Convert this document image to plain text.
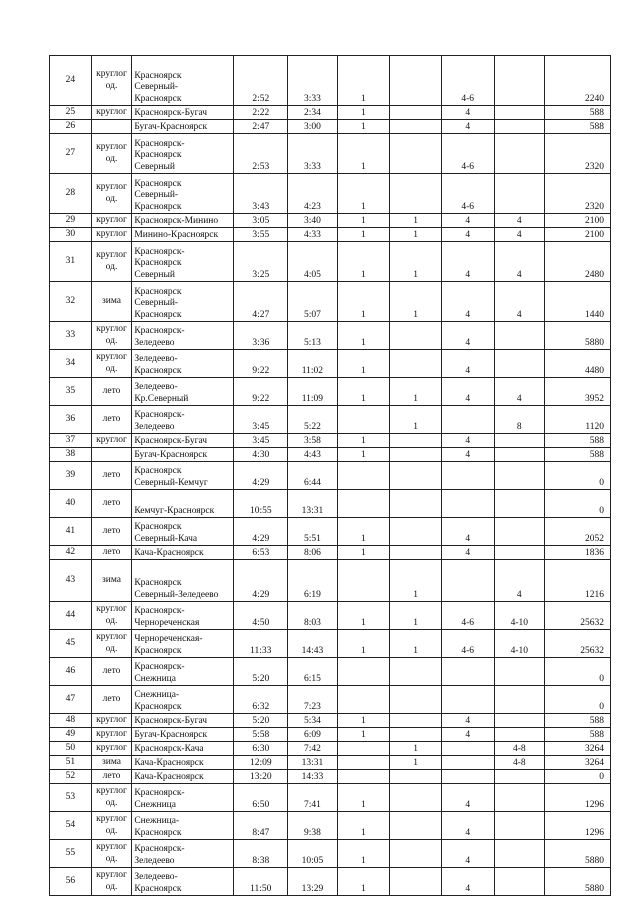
24	круглог од.	Красноярск
Северный-
Красноярск	2:52	3:33	1		4-6		2240
25	круглог	Красноярск-Бугач	2:22	2:34	1		4		588
26		Бугач-Красноярск	2:47	3:00	1		4		588
27	круглог од.	Красноярск-
Красноярск
Северный	2:53	3:33	1		4-6		2320
28	круглог од.	Красноярск
Северный-
Красноярск	3:43	4:23	1		4-6		2320
29	круглог	Красноярск-Минино	3:05	3:40	1	1	4	4	2100
30	круглог	Минино-Красноярск	3:55	4:33	1	1	4	4	2100
31	круглог од.	Красноярск-
Красноярск
Северный	3:25	4:05	1	1	4	4	2480
32	зима	Красноярск
Северный-
Красноярск	4:27	5:07	1	1	4	4	1440
33	круглог од.	Красноярск-
Зеледеево	3:36	5:13	1		4		5880
34	круглог од.	Зеледеево-
Красноярск	9:22	11:02	1		4		4480
35	лето	Зеледеево-
Кр.Северный	9:22	11:09	1	1	4	4	3952
36	лето	Красноярск-
Зеледеево	3:45	5:22		1		8	1120
37	круглог	Красноярск-Бугач	3:45	3:58	1		4		588
38		Бугач-Красноярск	4:30	4:43	1		4		588
39	лето	Красноярск
Северный-Кемчуг	4:29	6:44					0
40	лето	Кемчуг-Красноярск	10:55	13:31					0
41	лето	Красноярск
Северный-Кача	4:29	5:51	1		4		2052
42	лето	Кача-Красноярск	6:53	8:06	1		4		1836
43	зима	Красноярск
Северный-Зеледеево	4:29	6:19		1		4	1216
44	круглог од.	Красноярск-
Чернореченская	4:50	8:03	1	1	4-6	4-10	25632
45	круглог од.	Чернореченская-
Красноярск	11:33	14:43	1	1	4-6	4-10	25632
46	лето	Красноярск-
Снежница	5:20	6:15					0
47	лето	Снежница-
Красноярск	6:32	7:23					0
48	круглог	Красноярск-Бугач	5:20	5:34	1		4		588
49	круглог	Бугач-Красноярск	5:58	6:09	1		4		588
50	круглог	Красноярск-Кача	6:30	7:42		1		4-8	3264
51	зима	Кача-Красноярск	12:09	13:31		1		4-8	3264
52	лето	Кача-Красноярск	13:20	14:33					0
53	круглог од.	Красноярск-
Снежница	6:50	7:41	1		4		1296
54	круглог од.	Снежница-
Красноярск	8:47	9:38	1		4		1296
55	круглог од.	Красноярск-
Зеледеево	8:38	10:05	1		4		5880
56	круглог од.	Зеледеево-
Красноярск	11:50	13:29	1		4		5880
